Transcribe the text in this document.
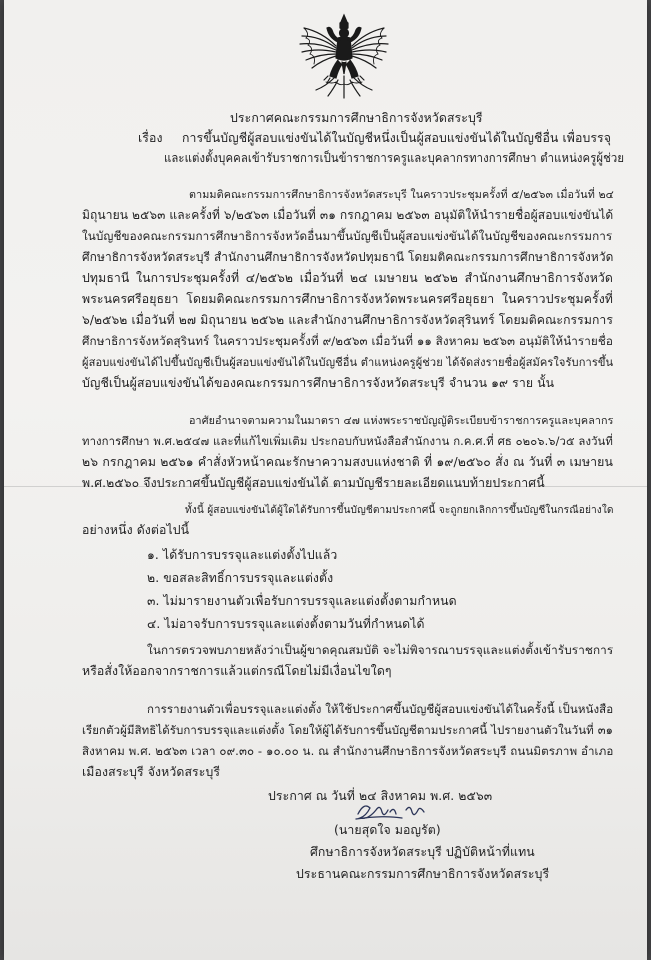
ประกาศคณะกรรมการศึกษาธิการจังหวัดสระบุรี
เรื่อง การขึ้นบัญชีผู้สอบแข่งขันได้ในบัญชีหนึ่งเป็นผู้สอบแข่งขันได้ในบัญชีอื่น เพื่อบรรจุ
และแต่งตั้งบุคคลเข้ารับราชการเป็นข้าราชการครูและบุคลากรทางการศึกษา ตำแหน่งครูผู้ช่วย
ตามมติคณะกรรมการศึกษาธิการจังหวัดสระบุรี ในคราวประชุมครั้งที่ ๕/๒๕๖๓ เมื่อวันที่ ๒๔
มิถุนายน ๒๕๖๓ และครั้งที่ ๖/๒๕๖๓ เมื่อวันที่ ๓๑ กรกฎาคม ๒๕๖๓ อนุมัติให้นำรายชื่อผู้สอบแข่งขันได้
ในบัญชีของคณะกรรมการศึกษาธิการจังหวัดอื่นมาขึ้นบัญชีเป็นผู้สอบแข่งขันได้ในบัญชีของคณะกรรมการ
ศึกษาธิการจังหวัดสระบุรี สำนักงานศึกษาธิการจังหวัดปทุมธานี โดยมติคณะกรรมการศึกษาธิการจังหวัด
ปทุมธานี ในการประชุมครั้งที่ ๔/๒๕๖๒ เมื่อวันที่ ๒๔ เมษายน ๒๕๖๒ สำนักงานศึกษาธิการจังหวัด
พระนครศรีอยุธยา โดยมติคณะกรรมการศึกษาธิการจังหวัดพระนครศรีอยุธยา ในคราวประชุมครั้งที่
๖/๒๕๖๒ เมื่อวันที่ ๒๗ มิถุนายน ๒๕๖๒ และสำนักงานศึกษาธิการจังหวัดสุรินทร์ โดยมติคณะกรรมการ
ศึกษาธิการจังหวัดสุรินทร์ ในคราวประชุมครั้งที่ ๙/๒๕๖๓ เมื่อวันที่ ๑๑ สิงหาคม ๒๕๖๓ อนุมัติให้นำรายชื่อ
ผู้สอบแข่งขันได้ไปขึ้นบัญชีเป็นผู้สอบแข่งขันได้ในบัญชีอื่น ตำแหน่งครูผู้ช่วย ได้จัดส่งรายชื่อผู้สมัครใจรับการขึ้น
บัญชีเป็นผู้สอบแข่งขันได้ของคณะกรรมการศึกษาธิการจังหวัดสระบุรี จำนวน ๑๙ ราย นั้น
อาศัยอำนาจตามความในมาตรา ๔๗ แห่งพระราชบัญญัติระเบียบข้าราชการครูและบุคลากร
ทางการศึกษา พ.ศ.๒๕๔๗ และที่แก้ไขเพิ่มเติม ประกอบกับหนังสือสำนักงาน ก.ค.ศ.ที่ ศธ ๐๒๐๖.๖/ว๕ ลงวันที่
๒๖ กรกฎาคม ๒๕๖๑ คำสั่งหัวหน้าคณะรักษาความสงบแห่งชาติ ที่ ๑๙/๒๕๖๐ สั่ง ณ วันที่ ๓ เมษายน
พ.ศ.๒๕๖๐ จึงประกาศขึ้นบัญชีผู้สอบแข่งขันได้ ตามบัญชีรายละเอียดแนบท้ายประกาศนี้
ทั้งนี้ ผู้สอบแข่งขันได้ผู้ใดได้รับการขึ้นบัญชีตามประกาศนี้ จะถูกยกเลิกการขึ้นบัญชีในกรณีอย่างใด
อย่างหนึ่ง ดังต่อไปนี้
๑. ได้รับการบรรจุและแต่งตั้งไปแล้ว
๒. ขอสละสิทธิ์การบรรจุและแต่งตั้ง
๓. ไม่มารายงานตัวเพื่อรับการบรรจุและแต่งตั้งตามกำหนด
๔. ไม่อาจรับการบรรจุและแต่งตั้งตามวันที่กำหนดได้
ในการตรวจพบภายหลังว่าเป็นผู้ขาดคุณสมบัติ จะไม่พิจารณาบรรจุและแต่งตั้งเข้ารับราชการ
หรือสั่งให้ออกจากราชการแล้วแต่กรณีโดยไม่มีเงื่อนไขใดๆ
การรายงานตัวเพื่อบรรจุและแต่งตั้ง ให้ใช้ประกาศขึ้นบัญชีผู้สอบแข่งขันได้ในครั้งนี้ เป็นหนังสือ
เรียกตัวผู้มีสิทธิได้รับการบรรจุและแต่งตั้ง โดยให้ผู้ได้รับการขึ้นบัญชีตามประกาศนี้ ไปรายงานตัวในวันที่ ๓๑
สิงหาคม พ.ศ. ๒๕๖๓ เวลา ๐๙.๓๐ - ๑๐.๐๐ น. ณ สำนักงานศึกษาธิการจังหวัดสระบุรี ถนนมิตรภาพ อำเภอ
เมืองสระบุรี จังหวัดสระบุรี
ประกาศ ณ วันที่ ๒๔ สิงหาคม พ.ศ. ๒๕๖๓
(นายสุดใจ มอญรัต)
ศึกษาธิการจังหวัดสระบุรี ปฏิบัติหน้าที่แทน
ประธานคณะกรรมการศึกษาธิการจังหวัดสระบุรี
